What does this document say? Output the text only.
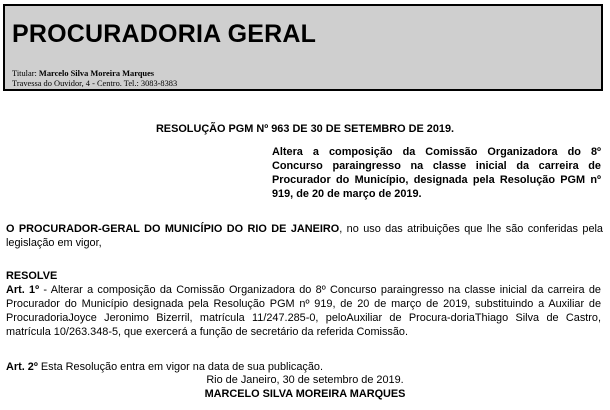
PROCURADORIA GERAL
Titular: Marcelo Silva Moreira Marques
Travessa do Ouvidor, 4 - Centro. Tel.: 3083-8383

RESOLUÇÃO PGM Nº 963 DE 30 DE SETEMBRO DE 2019.

Altera a composição da Comissão Organizadora do 8º Concurso paraingresso na classe inicial da carreira de Procurador do Município, designada pela Resolução PGM nº 919, de 20 de março de 2019.

O PROCURADOR-GERAL DO MUNICÍPIO DO RIO DE JANEIRO, no uso das atribuições que lhe são conferidas pela legislação em vigor,

RESOLVE

Art. 1º - Alterar a composição da Comissão Organizadora do 8º Concurso paraingresso na classe inicial da carreira de Procurador do Município designada pela Resolução PGM nº 919, de 20 de março de 2019, substituindo a Auxiliar de ProcuradoriaJoyce Jeronimo Bizerril, matrícula 11/247.285-0, peloAuxiliar de Procura-doriaThiago Silva de Castro, matrícula 10/263.348-5, que exercerá a função de secretário da referida Comissão.

Art. 2º Esta Resolução entra em vigor na data de sua publicação.

Rio de Janeiro, 30 de setembro de 2019.

MARCELO SILVA MOREIRA MARQUES
